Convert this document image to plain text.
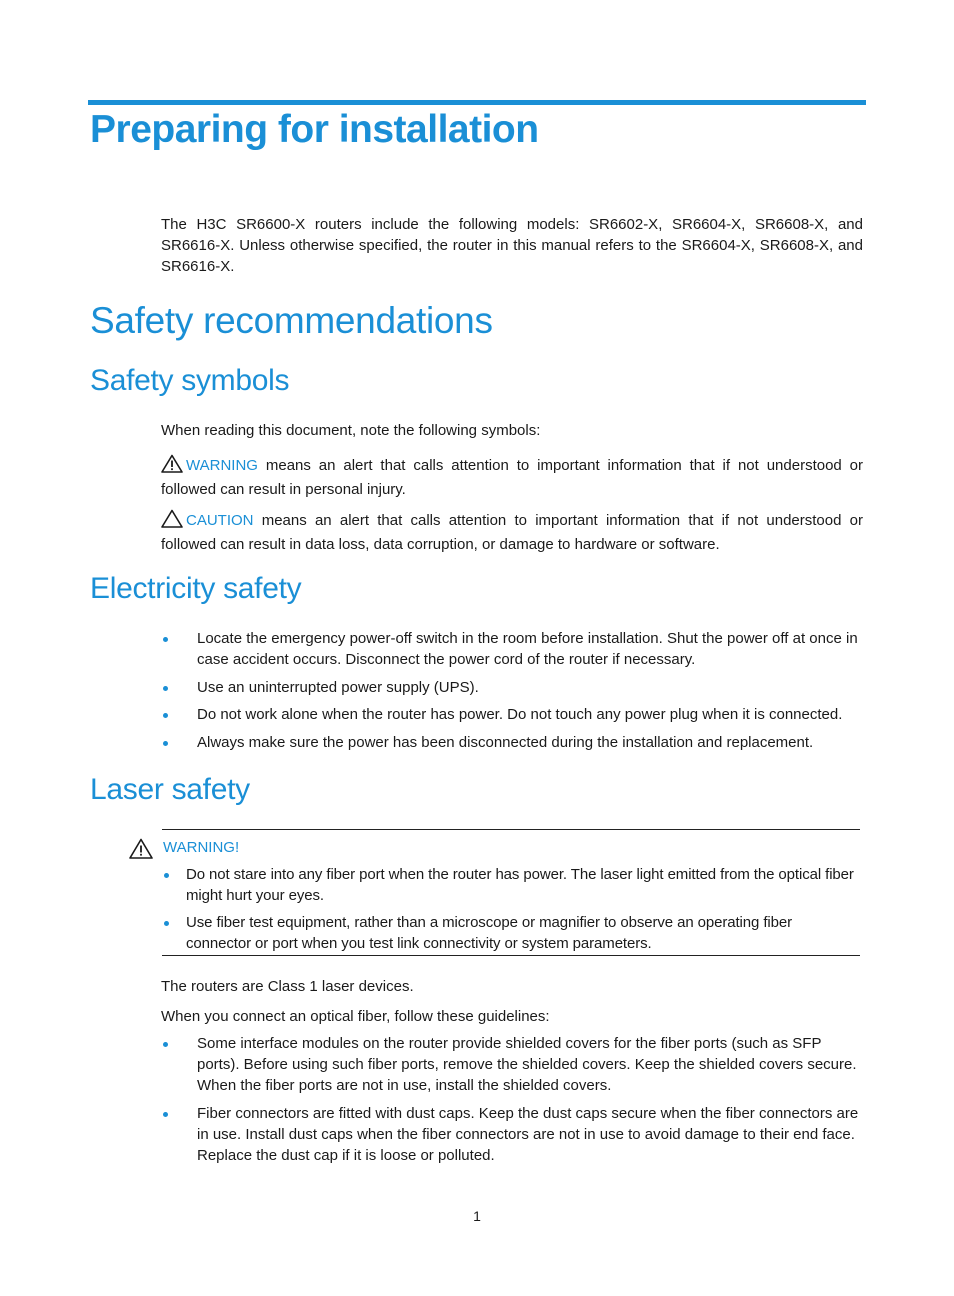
Preparing for installation

The H3C SR6600-X routers include the following models: SR6602-X, SR6604-X, SR6608-X, and SR6616-X. Unless otherwise specified, the router in this manual refers to the SR6604-X, SR6608-X, and SR6616-X.

Safety recommendations
Safety symbols

When reading this document, note the following symbols:

WARNING means an alert that calls attention to important information that if not understood or followed can result in personal injury.

CAUTION means an alert that calls attention to important information that if not understood or followed can result in data loss, data corruption, or damage to hardware or software.

Electricity safety
Locate the emergency power-off switch in the room before installation. Shut the power off at once in case accident occurs. Disconnect the power cord of the router if necessary.
Use an uninterrupted power supply (UPS).
Do not work alone when the router has power. Do not touch any power plug when it is connected.
Always make sure the power has been disconnected during the installation and replacement.
Laser safety

WARNING!

Do not stare into any fiber port when the router has power. The laser light emitted from the optical fiber might hurt your eyes.
Use fiber test equipment, rather than a microscope or magnifier to observe an operating fiber connector or port when you test link connectivity or system parameters.

The routers are Class 1 laser devices.

When you connect an optical fiber, follow these guidelines:

Some interface modules on the router provide shielded covers for the fiber ports (such as SFP ports). Before using such fiber ports, remove the shielded covers. Keep the shielded covers secure. When the fiber ports are not in use, install the shielded covers.
Fiber connectors are fitted with dust caps. Keep the dust caps secure when the fiber connectors are in use. Install dust caps when the fiber connectors are not in use to avoid damage to their end face. Replace the dust cap if it is loose or polluted.
1
